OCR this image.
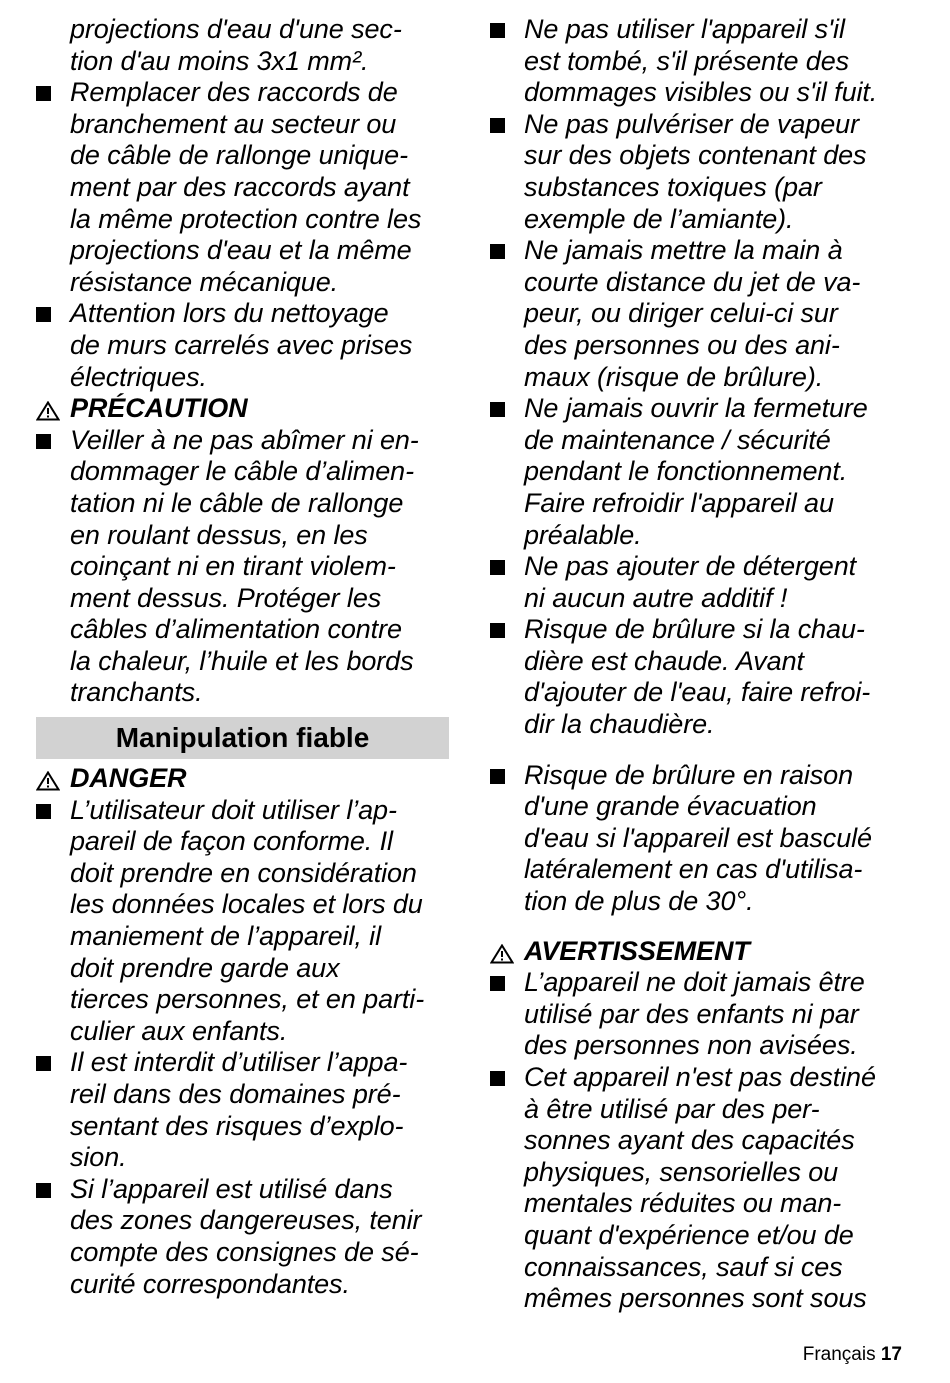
projections d'eau d'une sec-
tion d'au moins 3x1 mm².
Remplacer des raccords de
branchement au secteur ou
de câble de rallonge unique-
ment par des raccords ayant
la même protection contre les
projections d'eau et la même
résistance mécanique.
Attention lors du nettoyage
de murs carrelés avec prises
électriques.
PRÉCAUTION
Veiller à ne pas abîmer ni en-
dommager le câble d’alimen-
tation ni le câble de rallonge
en roulant dessus, en les
coinçant ni en tirant violem-
ment dessus. Protéger les
câbles d’alimentation contre
la chaleur, l’huile et les bords
tranchants.
Manipulation fiable
DANGER
L’utilisateur doit utiliser l’ap-
pareil de façon conforme. Il
doit prendre en considération
les données locales et lors du
maniement de l’appareil, il
doit prendre garde aux
tierces personnes, et en parti-
culier aux enfants.
Il est interdit d’utiliser l’appa-
reil dans des domaines pré-
sentant des risques d’explo-
sion.
Si l’appareil est utilisé dans
des zones dangereuses, tenir
compte des consignes de sé-
curité correspondantes.
Ne pas utiliser l'appareil s'il
est tombé, s'il présente des
dommages visibles ou s'il fuit.
Ne pas pulvériser de vapeur
sur des objets contenant des
substances toxiques (par
exemple de l’amiante).
Ne jamais mettre la main à
courte distance du jet de va-
peur, ou diriger celui-ci sur
des personnes ou des ani-
maux (risque de brûlure).
Ne jamais ouvrir la fermeture
de maintenance / sécurité
pendant le fonctionnement.
Faire refroidir l'appareil au
préalable.
Ne pas ajouter de détergent
ni aucun autre additif !
Risque de brûlure si la chau-
dière est chaude. Avant
d'ajouter de l'eau, faire refroi-
dir la chaudière.
Risque de brûlure en raison
d'une grande évacuation
d'eau si l'appareil est basculé
latéralement en cas d'utilisa-
tion de plus de 30°.
AVERTISSEMENT
L’appareil ne doit jamais être
utilisé par des enfants ni par
des personnes non avisées.
Cet appareil n'est pas destiné
à être utilisé par des per-
sonnes ayant des capacités
physiques, sensorielles ou
mentales réduites ou man-
quant d'expérience et/ou de
connaissances, sauf si ces
mêmes personnes sont sous
Français 17
